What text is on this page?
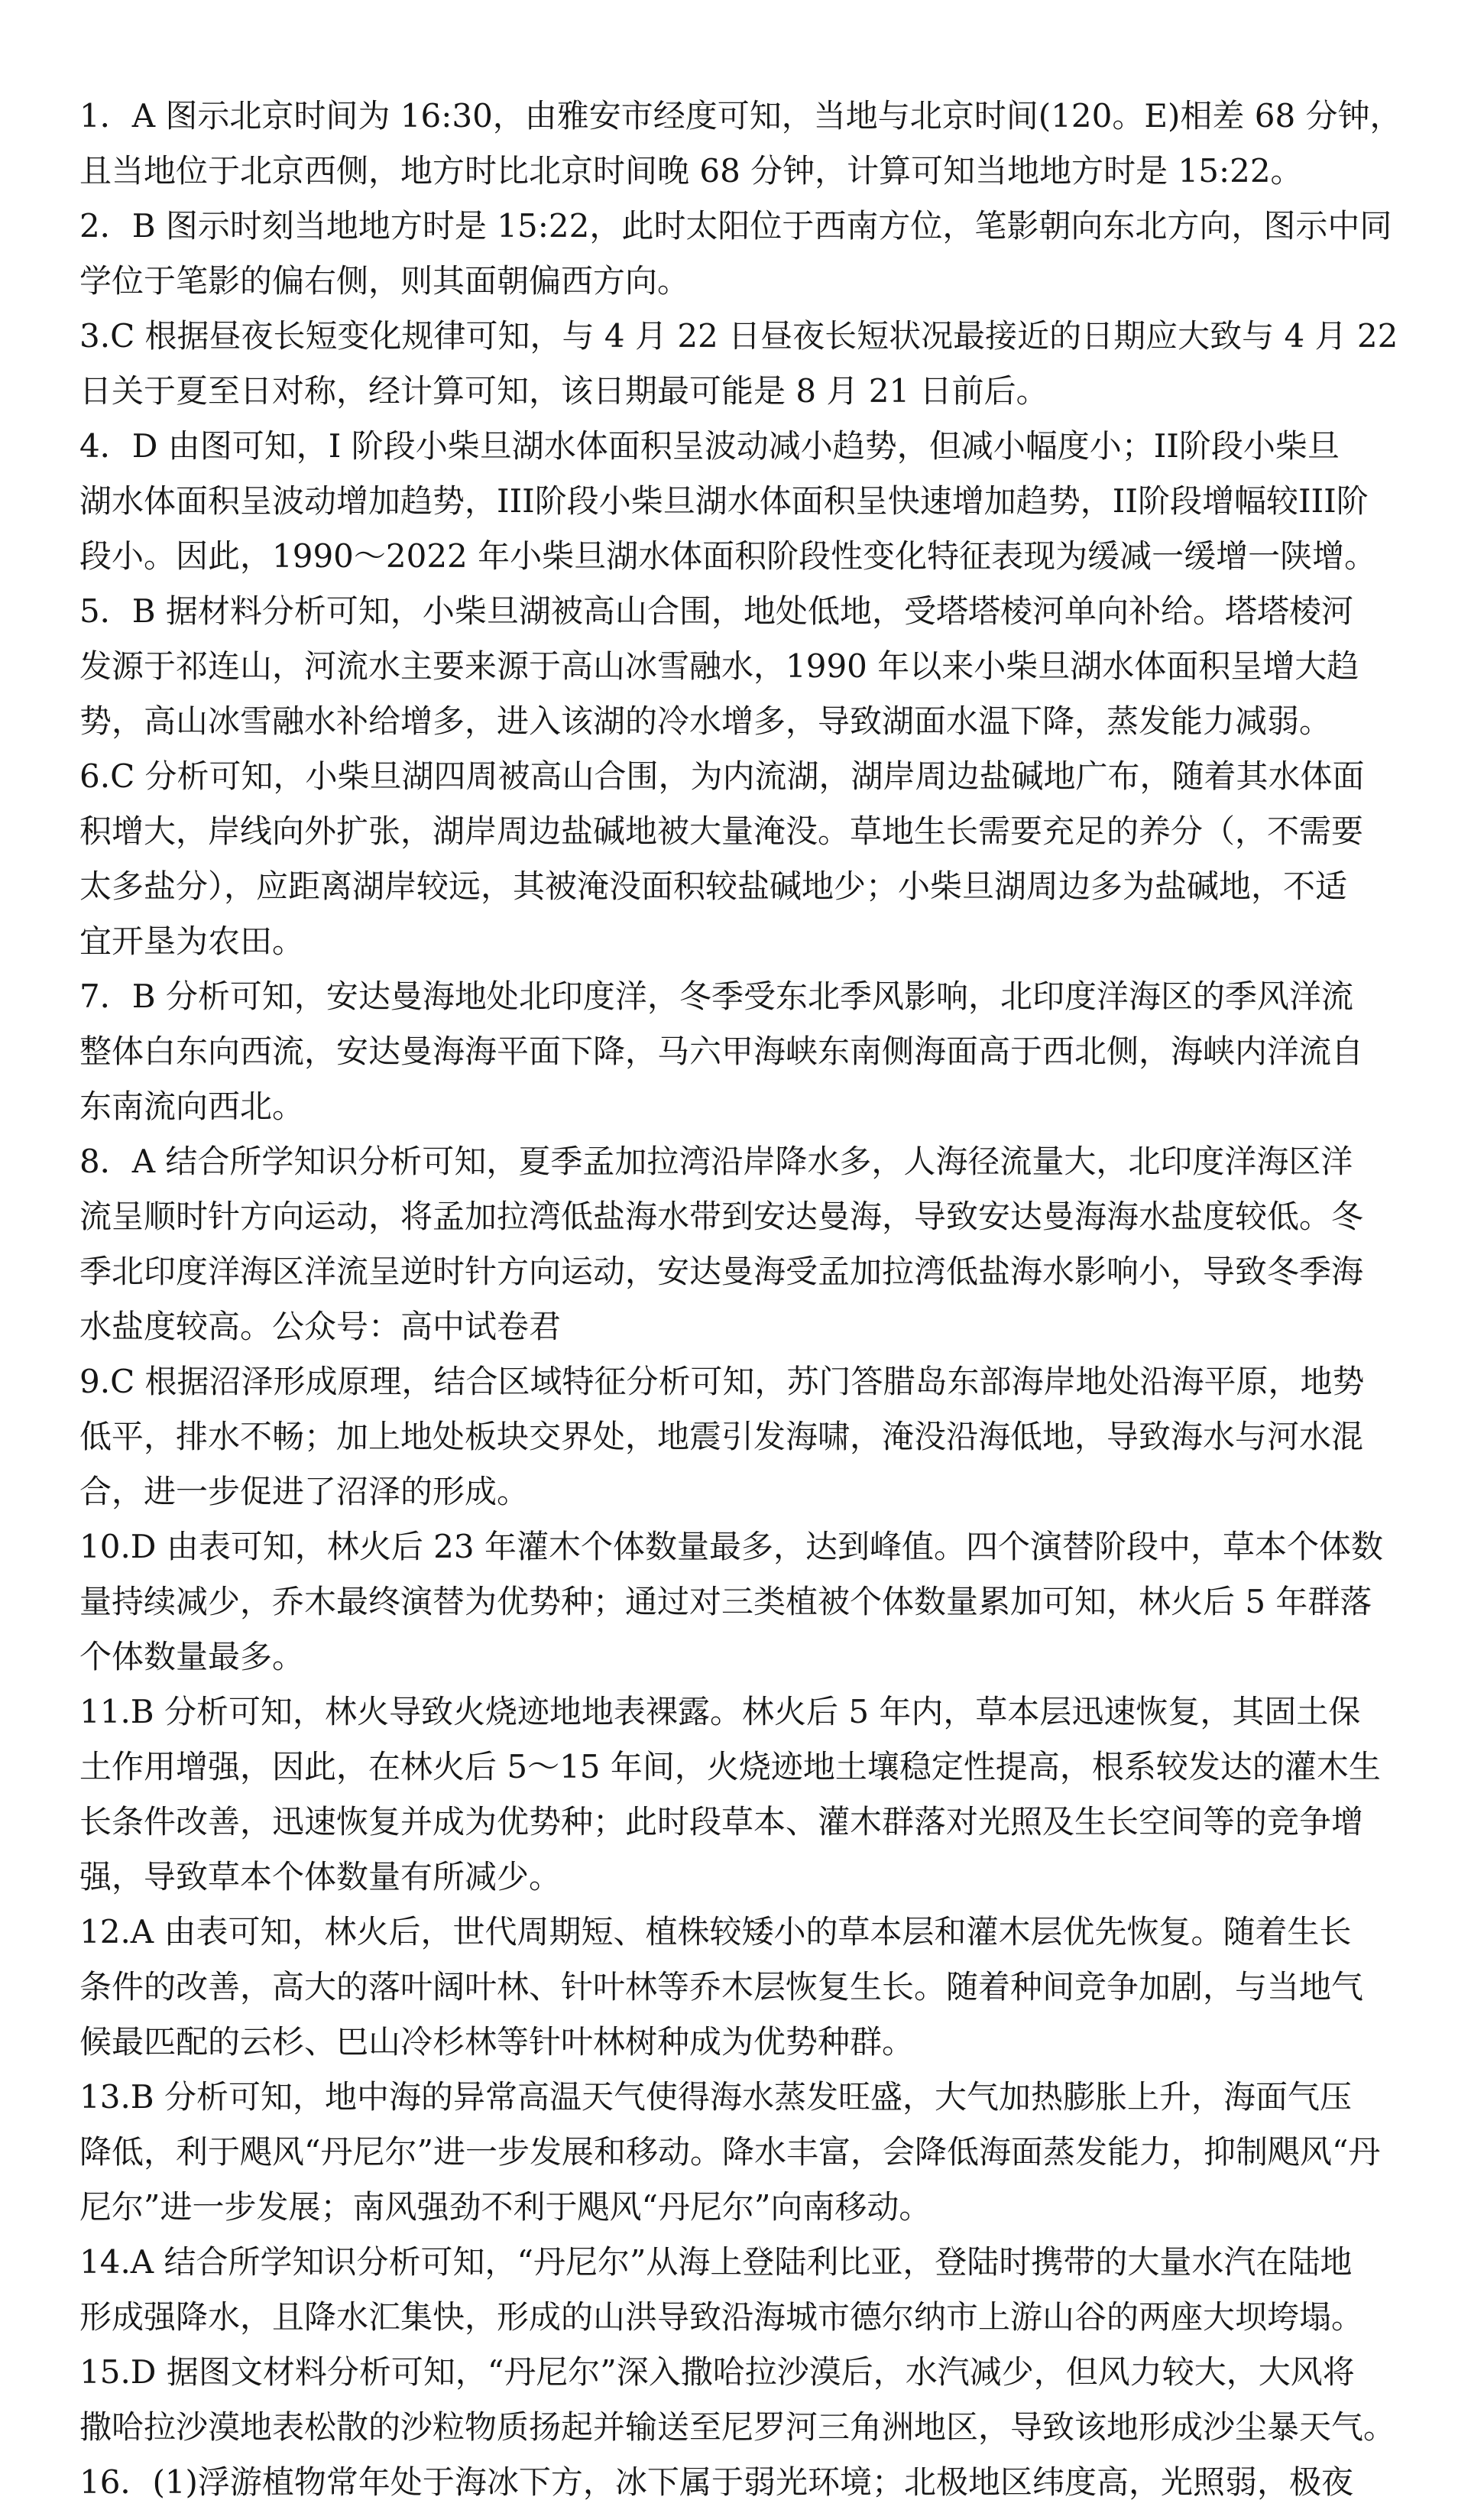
1．A 图示北京时间为 16:30，由雅安市经度可知，当地与北京时间(120。E)相差 68 分钟，
且当地位于北京西侧，地方时比北京时间晚 68 分钟，计算可知当地地方时是 15:22。
2．B 图示时刻当地地方时是 15:22，此时太阳位于西南方位，笔影朝向东北方向，图示中同
学位于笔影的偏右侧，则其面朝偏西方向。
3.C 根据昼夜长短变化规律可知，与 4 月 22 日昼夜长短状况最接近的日期应大致与 4 月 22
日关于夏至日对称，经计算可知，该日期最可能是 8 月 21 日前后。
4．D 由图可知，I 阶段小柴旦湖水体面积呈波动减小趋势，但减小幅度小；II阶段小柴旦
湖水体面积呈波动增加趋势，III阶段小柴旦湖水体面积呈快速增加趋势，II阶段增幅较III阶
段小。因此，1990～2022 年小柴旦湖水体面积阶段性变化特征表现为缓减一缓增一陕增。
5．B 据材料分析可知，小柴旦湖被高山合围，地处低地，受塔塔棱河单向补给。塔塔棱河
发源于祁连山，河流水主要来源于高山冰雪融水，1990 年以来小柴旦湖水体面积呈增大趋
势，高山冰雪融水补给增多，进入该湖的冷水增多，导致湖面水温下降，蒸发能力减弱。
6.C 分析可知，小柴旦湖四周被高山合围，为内流湖，湖岸周边盐碱地广布，随着其水体面
积增大，岸线向外扩张，湖岸周边盐碱地被大量淹没。草地生长需要充足的养分（，不需要
太多盐分），应距离湖岸较远，其被淹没面积较盐碱地少；小柴旦湖周边多为盐碱地，不适
宜开垦为农田。
7．B 分析可知，安达曼海地处北印度洋，冬季受东北季风影响，北印度洋海区的季风洋流
整体白东向西流，安达曼海海平面下降，马六甲海峡东南侧海面高于西北侧，海峡内洋流自
东南流向西北。
8．A 结合所学知识分析可知，夏季孟加拉湾沿岸降水多，人海径流量大，北印度洋海区洋
流呈顺时针方向运动，将孟加拉湾低盐海水带到安达曼海，导致安达曼海海水盐度较低。冬
季北印度洋海区洋流呈逆时针方向运动，安达曼海受孟加拉湾低盐海水影响小，导致冬季海
水盐度较高。公众号：高中试卷君
9.C 根据沼泽形成原理，结合区域特征分析可知，苏门答腊岛东部海岸地处沿海平原，地势
低平，排水不畅；加上地处板块交界处，地震引发海啸，淹没沿海低地，导致海水与河水混
合，进一步促进了沼泽的形成。
10.D 由表可知，林火后 23 年灌木个体数量最多，达到峰值。四个演替阶段中，草本个体数
量持续减少，乔木最终演替为优势种；通过对三类植被个体数量累加可知，林火后 5 年群落
个体数量最多。
11.B 分析可知，林火导致火烧迹地地表裸露。林火后 5 年内，草本层迅速恢复，其固土保
土作用增强，因此，在林火后 5～15 年间，火烧迹地土壤稳定性提高，根系较发达的灌木生
长条件改善，迅速恢复并成为优势种；此时段草本、灌木群落对光照及生长空间等的竞争增
强，导致草本个体数量有所减少。
12.A 由表可知，林火后，世代周期短、植株较矮小的草本层和灌木层优先恢复。随着生长
条件的改善，高大的落叶阔叶林、针叶林等乔木层恢复生长。随着种间竞争加剧，与当地气
候最匹配的云杉、巴山冷杉林等针叶林树种成为优势种群。
13.B 分析可知，地中海的异常高温天气使得海水蒸发旺盛，大气加热膨胀上升，海面气压
降低，利于飓风“丹尼尔”进一步发展和移动。降水丰富，会降低海面蒸发能力，抑制飓风“丹
尼尔”进一步发展；南风强劲不利于飓风“丹尼尔”向南移动。
14.A 结合所学知识分析可知，“丹尼尔”从海上登陆利比亚，登陆时携带的大量水汽在陆地
形成强降水，且降水汇集快，形成的山洪导致沿海城市德尔纳市上游山谷的两座大坝垮塌。
15.D 据图文材料分析可知，“丹尼尔”深入撒哈拉沙漠后，水汽减少，但风力较大，大风将
撒哈拉沙漠地表松散的沙粒物质扬起并输送至尼罗河三角洲地区，导致该地形成沙尘暴天气。
16．(1)浮游植物常年处于海冰下方，冰下属于弱光环境；北极地区纬度高，光照弱，极夜
